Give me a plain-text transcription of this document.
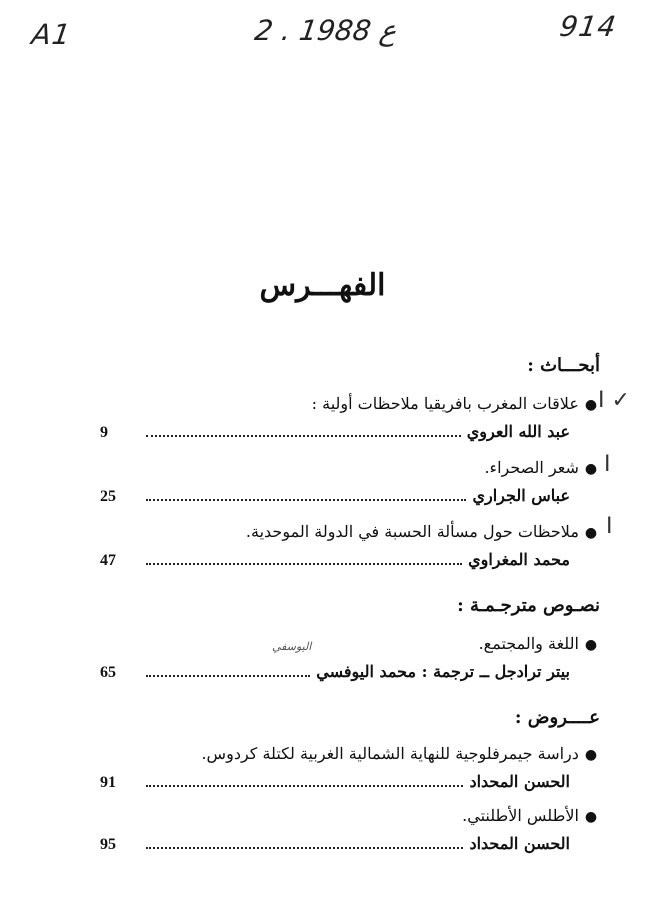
A1	2 . ع 1988	914
الفهـــرس
أبحـــاث :
● علاقات المغرب بافريقيا ملاحظات أولية :
عبد الله العروي
9
● شعر الصحراء.
عباس الجراري
25
● ملاحظات حول مسألة الحسبة في الدولة الموحدية.
محمد المغراوي
47
نصـوص مترجـمـة :
● اللغة والمجتمع.
بيتر ترادجل ــ ترجمة : محمد اليوفسي
65
عــــروض :
● دراسة جيمرفلوجية للنهاية الشمالية الغربية لكتلة كردوس.
الحسن المحداد
91
● الأطلس الأطلنتي.
الحسن المحداد
95
I ✓
I
I
اليوسفي
